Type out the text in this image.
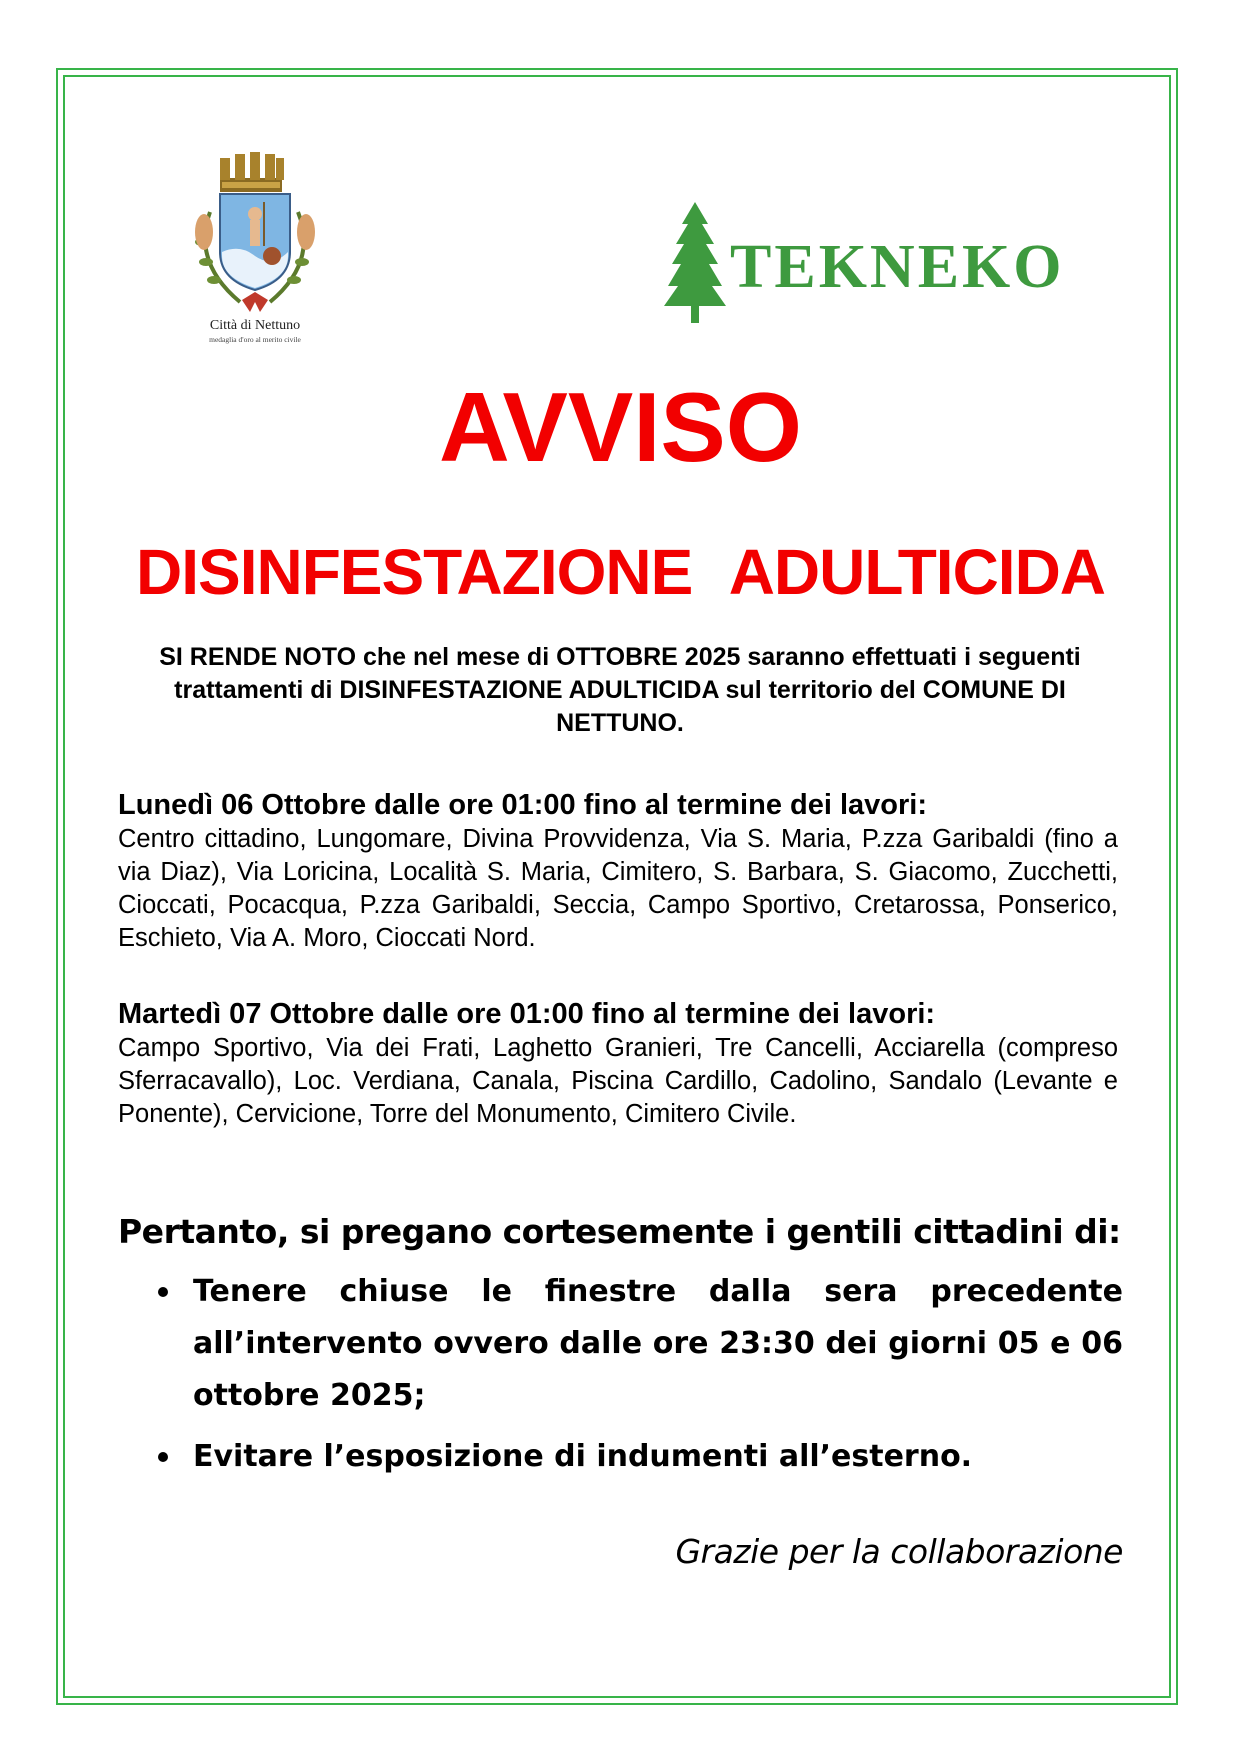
Città di Nettuno
medaglia d'oro al merito civile
TEKNEKO
AVVISO
DISINFESTAZIONE ADULTICIDA

SI RENDE NOTO che nel mese di OTTOBRE 2025 saranno effettuati i seguenti trattamenti di DISINFESTAZIONE ADULTICIDA sul territorio del COMUNE DI NETTUNO.

Lunedì 06 Ottobre dalle ore 01:00 fino al termine dei lavori:

Centro cittadino, Lungomare, Divina Provvidenza, Via S. Maria, P.zza Garibaldi (fino a via Diaz), Via Loricina, Località S. Maria, Cimitero, S. Barbara, S. Giacomo, Zucchetti, Cioccati, Pocacqua, P.zza Garibaldi, Seccia, Campo Sportivo, Cretarossa, Ponserico, Eschieto, Via A. Moro, Cioccati Nord.

Martedì 07 Ottobre dalle ore 01:00 fino al termine dei lavori:

Campo Sportivo, Via dei Frati, Laghetto Granieri, Tre Cancelli, Acciarella (compreso Sferracavallo), Loc. Verdiana, Canala, Piscina Cardillo, Cadolino, Sandalo (Levante e Ponente), Cervicione, Torre del Monumento, Cimitero Civile.

Pertanto, si pregano cortesemente i gentili cittadini di:

Tenere chiuse le finestre dalla sera precedente all’intervento ovvero dalle ore 23:30 dei giorni 05 e 06 ottobre 2025;
Evitare l’esposizione di indumenti all’esterno.

Grazie per la collaborazione
